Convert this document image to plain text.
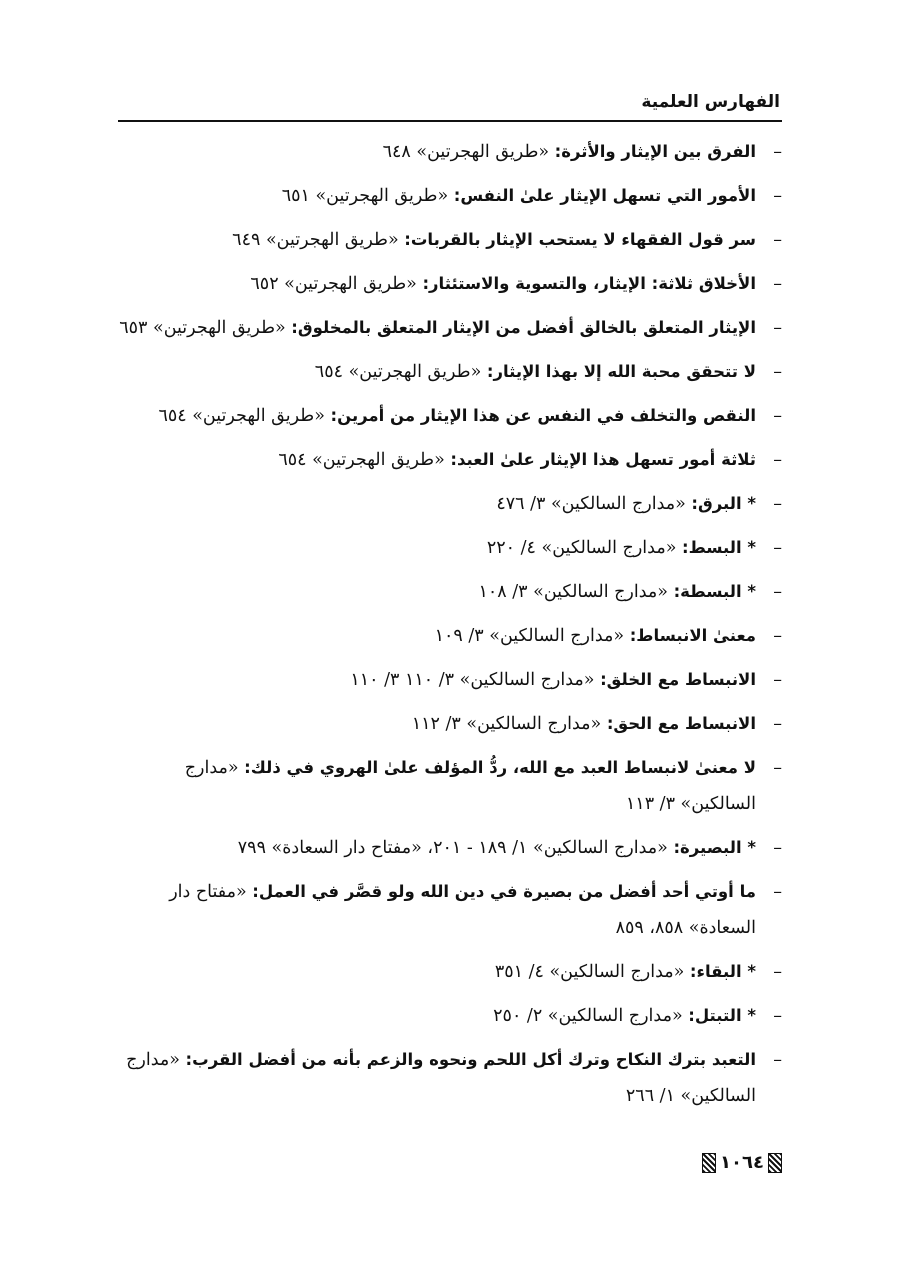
الفهارس العلمية
–
الفرق بين الإيثار والأثرة: «طريق الهجرتين» ٦٤٨
–
الأمور التي تسهل الإيثار علىٰ النفس: «طريق الهجرتين» ٦٥١
–
سر قول الفقهاء لا يستحب الإيثار بالقربات: «طريق الهجرتين» ٦٤٩
–
الأخلاق ثلاثة: الإيثار، والتسوية والاستئثار: «طريق الهجرتين» ٦٥٢
–
الإيثار المتعلق بالخالق أفضل من الإيثار المتعلق بالمخلوق: «طريق الهجرتين» ٦٥٣
–
لا تتحقق محبة الله إلا بهذا الإيثار: «طريق الهجرتين» ٦٥٤
–
النقص والتخلف في النفس عن هذا الإيثار من أمرين: «طريق الهجرتين» ٦٥٤
–
ثلاثة أمور تسهل هذا الإيثار علىٰ العبد: «طريق الهجرتين» ٦٥٤
–
* البرق: «مدارج السالكين» ٣/ ٤٧٦
–
* البسط: «مدارج السالكين» ٤/ ٢٢٠
–
* البسطة: «مدارج السالكين» ٣/ ١٠٨
–
معنىٰ الانبساط: «مدارج السالكين» ٣/ ١٠٩
–
الانبساط مع الخلق: «مدارج السالكين» ٣/ ١١٠ ٣/ ١١٠
–
الانبساط مع الحق: «مدارج السالكين» ٣/ ١١٢
–
لا معنىٰ لانبساط العبد مع الله، ردُّ المؤلف علىٰ الهروي في ذلك: «مدارج السالكين» ٣/ ١١٣
–
* البصيرة: «مدارج السالكين» ١/ ١٨٩ - ٢٠١، «مفتاح دار السعادة» ٧٩٩
–
ما أوتي أحد أفضل من بصيرة في دين الله ولو قصَّر في العمل: «مفتاح دار السعادة» ٨٥٨، ٨٥٩
–
* البقاء: «مدارج السالكين» ٤/ ٣٥١
–
* التبتل: «مدارج السالكين» ٢/ ٢٥٠
–
التعبد بترك النكاح وترك أكل اللحم ونحوه والزعم بأنه من أفضل القرب: «مدارج السالكين» ١/ ٢٦٦
١٠٦٤
